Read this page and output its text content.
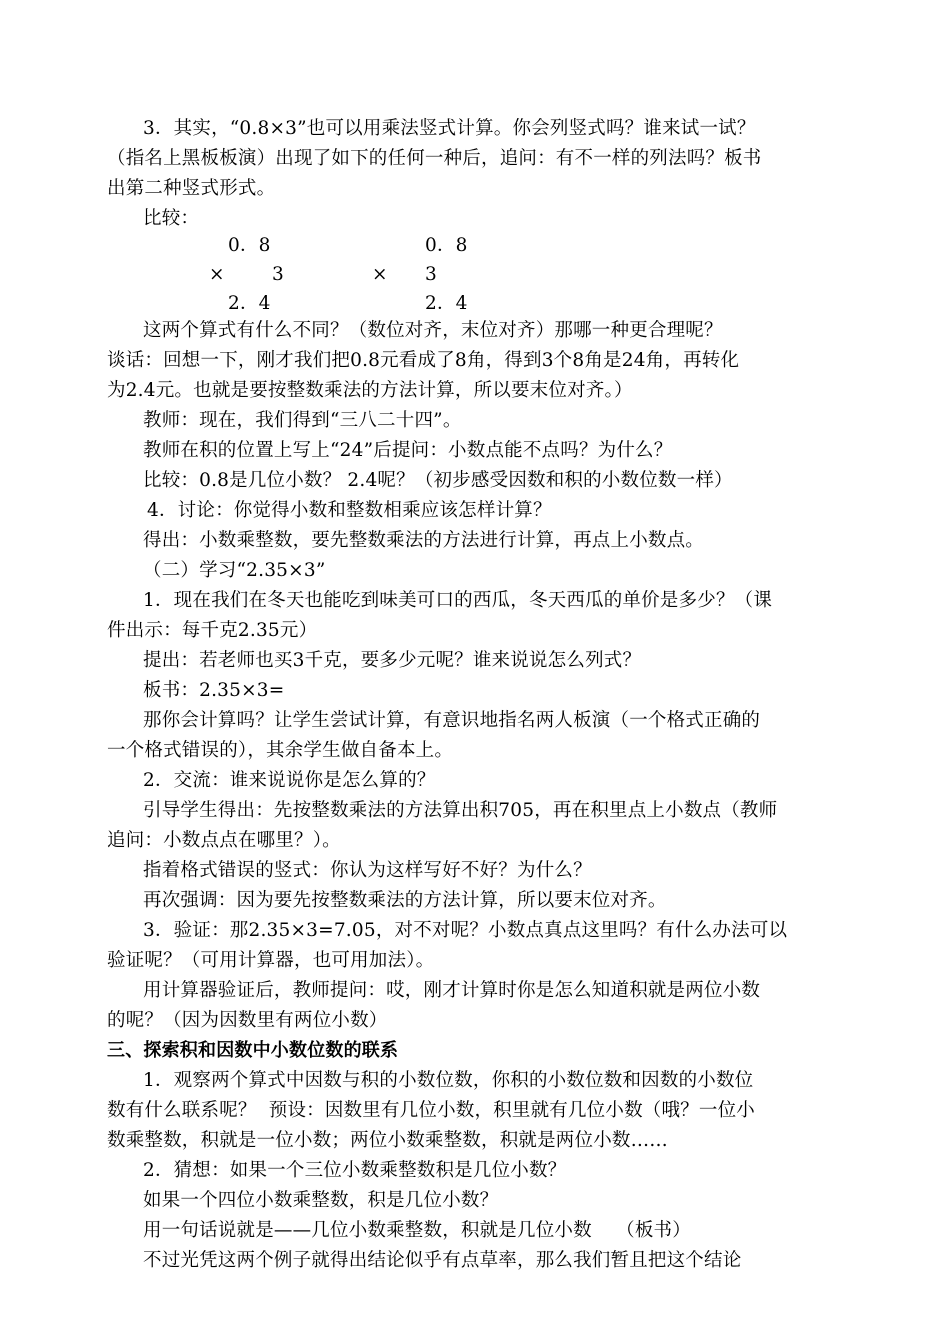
3．其实，“0.8×3”也可以用乘法竖式计算。你会列竖式吗？谁来试一试？
（指名上黑板板演）出现了如下的任何一种后，追问：有不一样的列法吗？板书
出第二种竖式形式。
比较：
0．8
×	3
2．4
0．8
× 3
2．4
这两个算式有什么不同？（数位对齐，末位对齐）那哪一种更合理呢？
谈话：回想一下，刚才我们把0.8元看成了8角，得到3个8角是24角，再转化
为2.4元。也就是要按整数乘法的方法计算，所以要末位对齐。）
教师：现在，我们得到“三八二十四”。
教师在积的位置上写上“24”后提问：小数点能不点吗？为什么？
比较：0.8是几位小数？ 2.4呢？（初步感受因数和积的小数位数一样）
4．讨论：你觉得小数和整数相乘应该怎样计算？
得出：小数乘整数，要先整数乘法的方法进行计算，再点上小数点。
（二）学习“2.35×3”
1．现在我们在冬天也能吃到味美可口的西瓜，冬天西瓜的单价是多少？（课
件出示：每千克2.35元）
提出：若老师也买3千克，要多少元呢？谁来说说怎么列式？
板书：2.35×3=
那你会计算吗？让学生尝试计算，有意识地指名两人板演（一个格式正确的
一个格式错误的），其余学生做自备本上。
2．交流：谁来说说你是怎么算的？
引导学生得出：先按整数乘法的方法算出积705，再在积里点上小数点（教师
追问：小数点点在哪里？）。
指着格式错误的竖式：你认为这样写好不好？为什么？
再次强调：因为要先按整数乘法的方法计算，所以要末位对齐。
3．验证：那2.35×3=7.05，对不对呢？小数点真点这里吗？有什么办法可以
验证呢？（可用计算器，也可用加法）。
用计算器验证后，教师提问：哎，刚才计算时你是怎么知道积就是两位小数
的呢？（因为因数里有两位小数）
三、探索积和因数中小数位数的联系
1．观察两个算式中因数与积的小数位数，你积的小数位数和因数的小数位
数有什么联系呢？  预设：因数里有几位小数，积里就有几位小数（哦？一位小
数乘整数，积就是一位小数；两位小数乘整数，积就是两位小数……
2．猜想：如果一个三位小数乘整数积是几位小数？
如果一个四位小数乘整数，积是几位小数？
用一句话说就是——几位小数乘整数，积就是几位小数    （板书）
不过光凭这两个例子就得出结论似乎有点草率，那么我们暂且把这个结论
